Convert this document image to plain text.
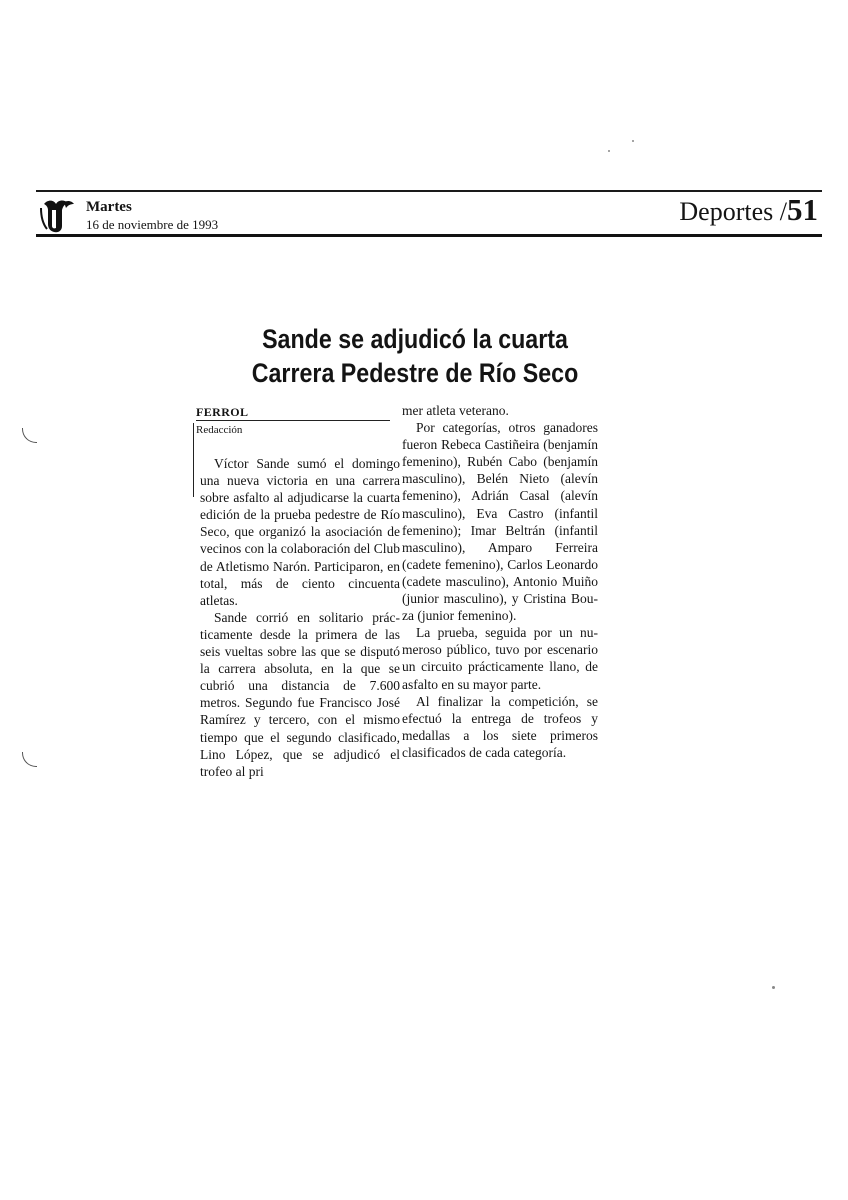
Martes
16 de noviembre de 1993	Deportes /51
Sande se adjudicó la cuarta
Carrera Pedestre de Río Seco
FERROL
Redacción

Víctor Sande sumó el domingo una nueva victoria en una carrera sobre asfalto al adjudicarse la cuarta edición de la prueba pedestre de Río Seco, que organizó la asociación de vecinos con la colaboración del Club de Atletismo Narón. Participaron, en total, más de ciento cincuenta atletas.

Sande corrió en solitario prácticamente desde la primera de las seis vueltas sobre las que se disputó la carrera absoluta, en la que se cubrió una distancia de 7.600 metros. Segundo fue Francisco José Ramírez y tercero, con el mismo tiempo que el segundo clasificado, Lino López, que se adjudicó el trofeo al pri

mer atleta veterano.

Por categorías, otros ganadores fueron Rebeca Castiñeira (benjamín femenino), Rubén Cabo (benjamín masculino), Belén Nieto (alevín femenino), Adrián Casal (alevín masculino), Eva Castro (infantil femenino); Imar Beltrán (infantil masculino), Amparo Ferreira (cadete femenino), Carlos Leonardo (cadete masculino), Antonio Muiño (junior masculino), y Cristina Bouza (junior femenino).

La prueba, seguida por un numeroso público, tuvo por escenario un circuito prácticamente llano, de asfalto en su mayor parte.

Al finalizar la competición, se efectuó la entrega de trofeos y medallas a los siete primeros clasificados de cada categoría.
